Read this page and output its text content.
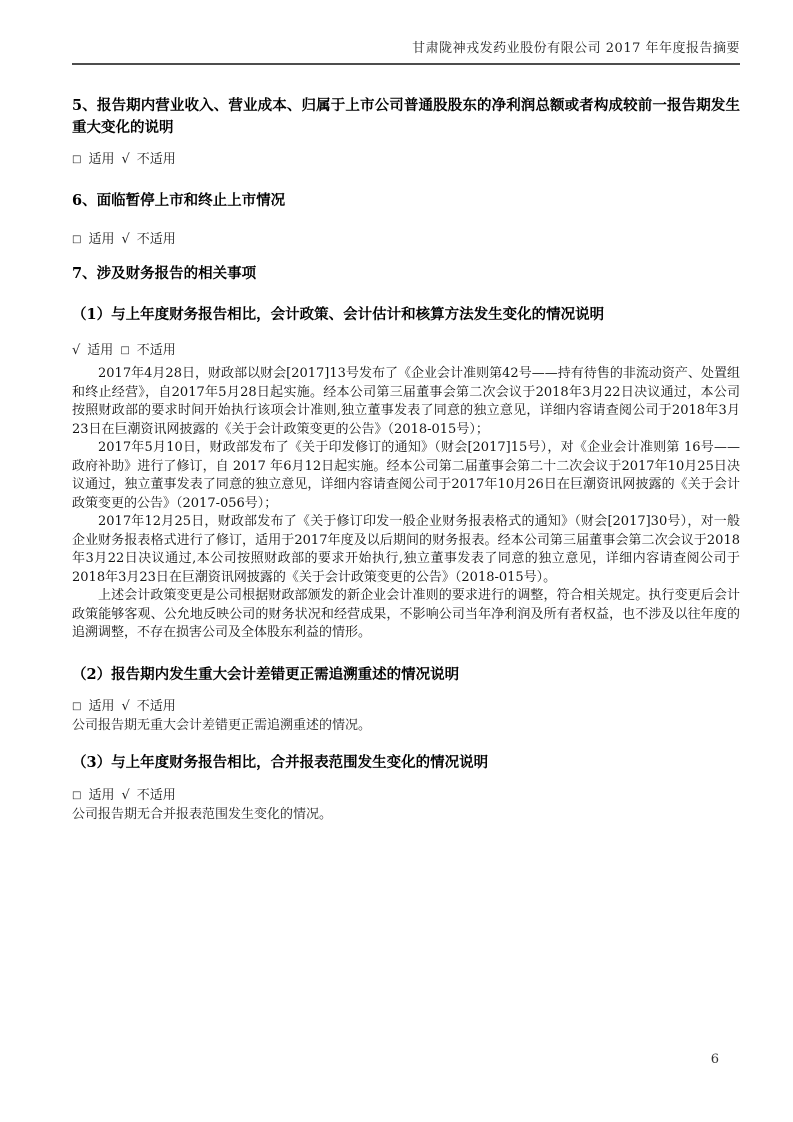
甘肃陇神戎发药业股份有限公司 2017 年年度报告摘要
5、报告期内营业收入、营业成本、归属于上市公司普通股股东的净利润总额或者构成较前一报告期发生重大变化的说明
□ 适用 √ 不适用
6、面临暂停上市和终止上市情况
□ 适用 √ 不适用
7、涉及财务报告的相关事项
（1）与上年度财务报告相比，会计政策、会计估计和核算方法发生变化的情况说明
√ 适用 □ 不适用

2017年4月28日，财政部以财会[2017]13号发布了《企业会计准则第42号——持有待售的非流动资产、处置组和终止经营》，自2017年5月28日起实施。经本公司第三届董事会第二次会议于2018年3月22日决议通过，本公司按照财政部的要求时间开始执行该项会计准则,独立董事发表了同意的独立意见，详细内容请查阅公司于2018年3月23日在巨潮资讯网披露的《关于会计政策变更的公告》（2018-015号）；

2017年5月10日，财政部发布了《关于印发修订的通知》（财会[2017]15号），对《企业会计准则第 16号——政府补助》进行了修订，自 2017 年6月12日起实施。经本公司第二届董事会第二十二次会议于2017年10月25日决议通过，独立董事发表了同意的独立意见，详细内容请查阅公司于2017年10月26日在巨潮资讯网披露的《关于会计政策变更的公告》（2017-056号）；

2017年12月25日，财政部发布了《关于修订印发一般企业财务报表格式的通知》（财会[2017]30号），对一般企业财务报表格式进行了修订，适用于2017年度及以后期间的财务报表。经本公司第三届董事会第二次会议于2018年3月22日决议通过,本公司按照财政部的要求开始执行,独立董事发表了同意的独立意见，详细内容请查阅公司于2018年3月23日在巨潮资讯网披露的《关于会计政策变更的公告》（2018-015号）。

上述会计政策变更是公司根据财政部颁发的新企业会计准则的要求进行的调整，符合相关规定。执行变更后会计政策能够客观、公允地反映公司的财务状况和经营成果，不影响公司当年净利润及所有者权益，也不涉及以往年度的追溯调整，不存在损害公司及全体股东利益的情形。

（2）报告期内发生重大会计差错更正需追溯重述的情况说明
□ 适用 √ 不适用

公司报告期无重大会计差错更正需追溯重述的情况。

（3）与上年度财务报告相比，合并报表范围发生变化的情况说明
□ 适用 √ 不适用

公司报告期无合并报表范围发生变化的情况。

6
